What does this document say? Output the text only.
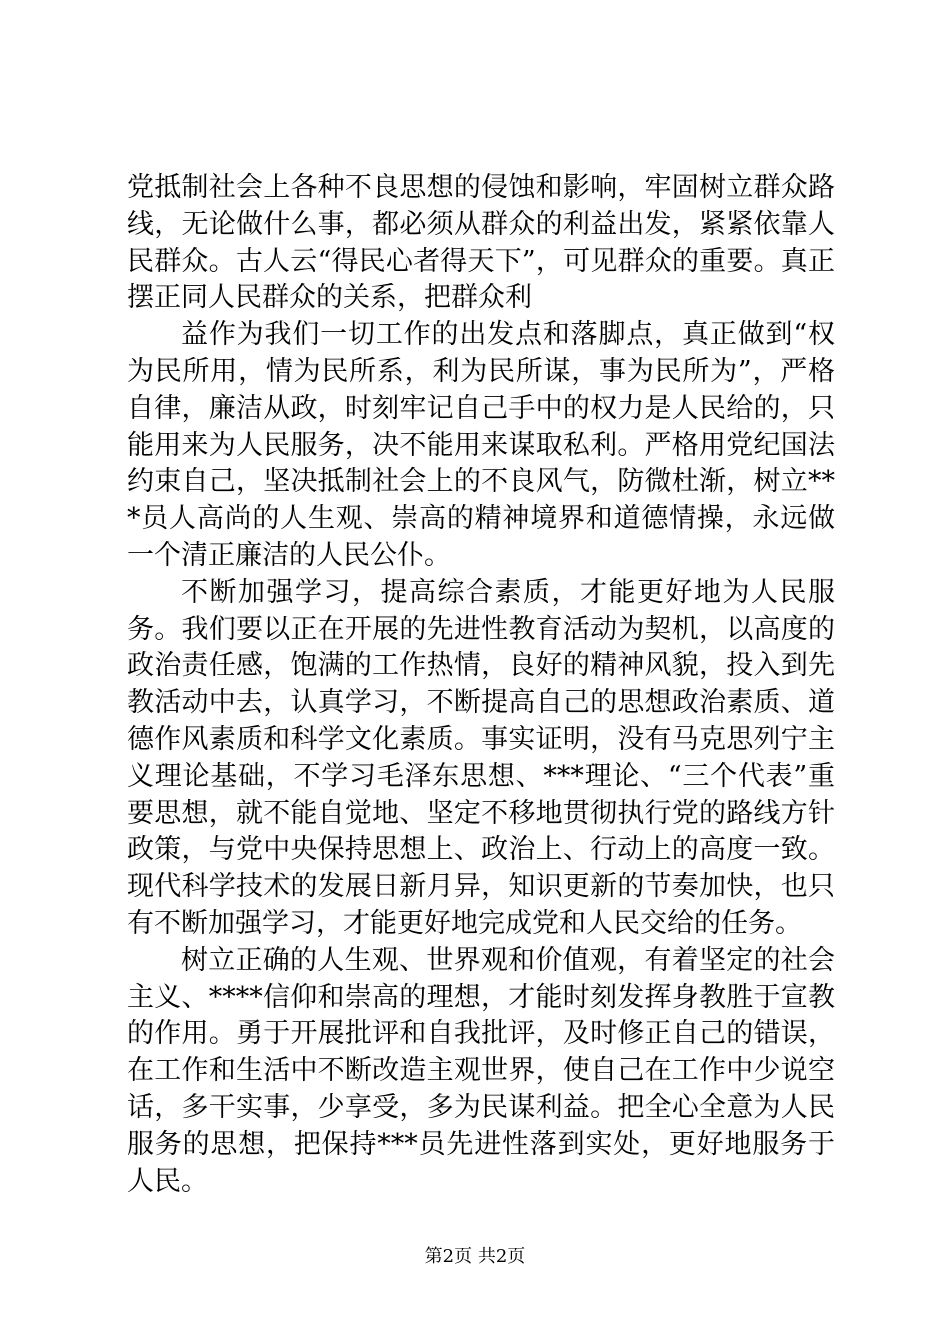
党抵制社会上各种不良思想的侵蚀和影响，牢固树立群众路线，无论做什么事，都必须从群众的利益出发，紧紧依靠人民群众。古人云“得民心者得天下”，可见群众的重要。真正摆正同人民群众的关系，把群众利

益作为我们一切工作的出发点和落脚点，真正做到“权为民所用，情为民所系，利为民所谋，事为民所为”，严格自律，廉洁从政，时刻牢记自己手中的权力是人民给的，只能用来为人民服务，决不能用来谋取私利。严格用党纪国法约束自己，坚决抵制社会上的不良风气，防微杜渐，树立***员人高尚的人生观、崇高的精神境界和道德情操，永远做一个清正廉洁的人民公仆。

不断加强学习，提高综合素质，才能更好地为人民服务。我们要以正在开展的先进性教育活动为契机，以高度的政治责任感，饱满的工作热情，良好的精神风貌，投入到先教活动中去，认真学习，不断提高自己的思想政治素质、道德作风素质和科学文化素质。事实证明，没有马克思列宁主义理论基础，不学习毛泽东思想、***理论、“三个代表”重要思想，就不能自觉地、坚定不移地贯彻执行党的路线方针政策，与党中央保持思想上、政治上、行动上的高度一致。现代科学技术的发展日新月异，知识更新的节奏加快，也只有不断加强学习，才能更好地完成党和人民交给的任务。

树立正确的人生观、世界观和价值观，有着坚定的社会主义、****信仰和崇高的理想，才能时刻发挥身教胜于宣教的作用。勇于开展批评和自我批评，及时修正自己的错误，在工作和生活中不断改造主观世界，使自己在工作中少说空话，多干实事，少享受，多为民谋利益。把全心全意为人民服务的思想，把保持***员先进性落到实处，更好地服务于人民。

第2页 共2页
